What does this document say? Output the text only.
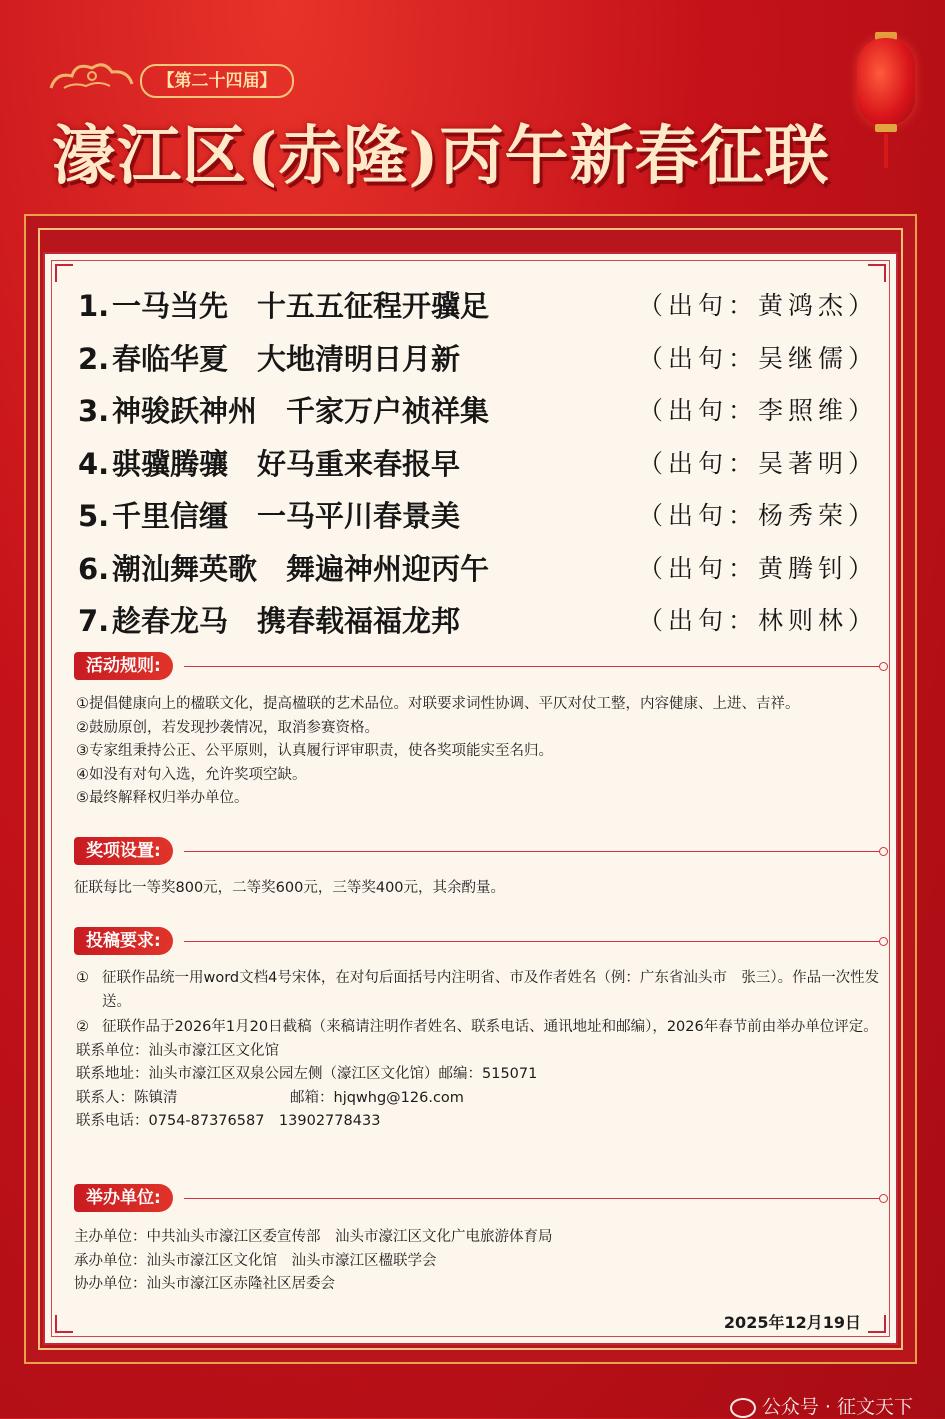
【第二十四届】
濠江区(赤隆)丙午新春征联
1.一马当先　十五五征程开骥足	（出句：黄鸿杰）
2.春临华夏　大地清明日月新	（出句：吴继儒）
3.神骏跃神州　千家万户祯祥集	（出句：李照维）
4.骐骥腾骧　好马重来春报早	（出句：吴著明）
5.千里信缰　一马平川春景美	（出句：杨秀荣）
6.潮汕舞英歌　舞遍神州迎丙午	（出句：黄腾钊）
7.趁春龙马　携春载福福龙邦	（出句：林则林）
活动规则:
①提倡健康向上的楹联文化，提高楹联的艺术品位。对联要求词性协调、平仄对仗工整，内容健康、上进、吉祥。
②鼓励原创，若发现抄袭情况，取消参赛资格。
③专家组秉持公正、公平原则，认真履行评审职责，使各奖项能实至名归。
④如没有对句入选，允许奖项空缺。
⑤最终解释权归举办单位。
奖项设置:
征联每比一等奖800元，二等奖600元，三等奖400元，其余酌量。
投稿要求:
① 征联作品统一用word文档4号宋体，在对句后面括号内注明省、市及作者姓名（例：广东省汕头市　张三）。作品一次性发送。
② 征联作品于2026年1月20日截稿（来稿请注明作者姓名、联系电话、通讯地址和邮编），2026年春节前由举办单位评定。
联系单位：汕头市濠江区文化馆
联系地址：汕头市濠江区双泉公园左侧（濠江区文化馆）邮编：515071
联系人：陈镇清	邮箱：hjqwhg@126.com
联系电话：0754-87376587　13902778433
举办单位:
主办单位：中共汕头市濠江区委宣传部　汕头市濠江区文化广电旅游体育局
承办单位：汕头市濠江区文化馆　汕头市濠江区楹联学会
协办单位：汕头市濠江区赤隆社区居委会
2025年12月19日
公众号 · 征文天下
